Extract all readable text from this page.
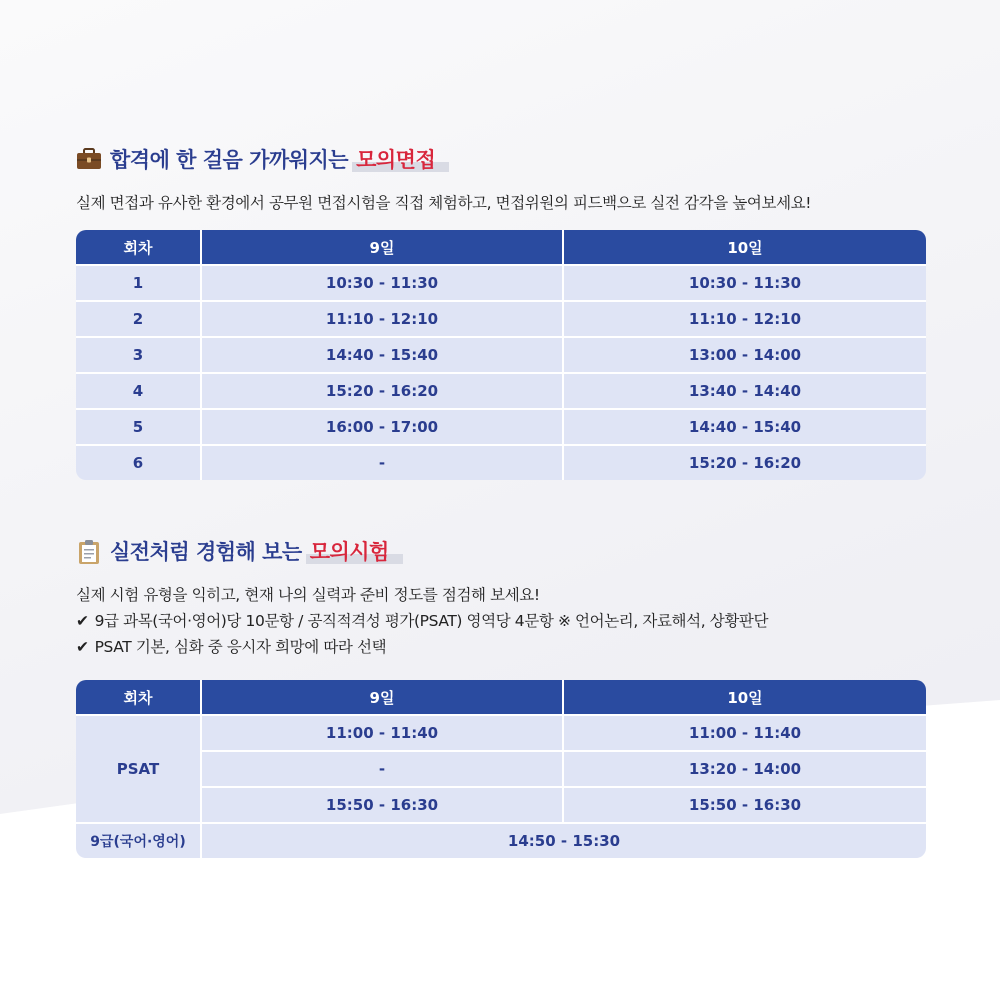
합격에 한 걸음 가까워지는 모의면접
실제 면접과 유사한 환경에서 공무원 면접시험을 직접 체험하고, 면접위원의 피드백으로 실전 감각을 높여보세요!
회차	9일	10일
1	10:30 - 11:30	10:30 - 11:30
2	11:10 - 12:10	11:10 - 12:10
3	14:40 - 15:40	13:00 - 14:00
4	15:20 - 16:20	13:40 - 14:40
5	16:00 - 17:00	14:40 - 15:40
6	-	15:20 - 16:20
실전처럼 경험해 보는 모의시험
실제 시험 유형을 익히고, 현재 나의 실력과 준비 정도를 점검해 보세요!
✔ 9급 과목(국어·영어)당 10문항 / 공직적격성 평가(PSAT) 영역당 4문항 ※ 언어논리, 자료해석, 상황판단
✔ PSAT 기본, 심화 중 응시자 희망에 따라 선택
회차	9일	10일
PSAT	11:00 - 11:40	11:00 - 11:40
	-	13:20 - 14:00
	15:50 - 16:30	15:50 - 16:30
9급(국어·영어)	14:50 - 15:30	
